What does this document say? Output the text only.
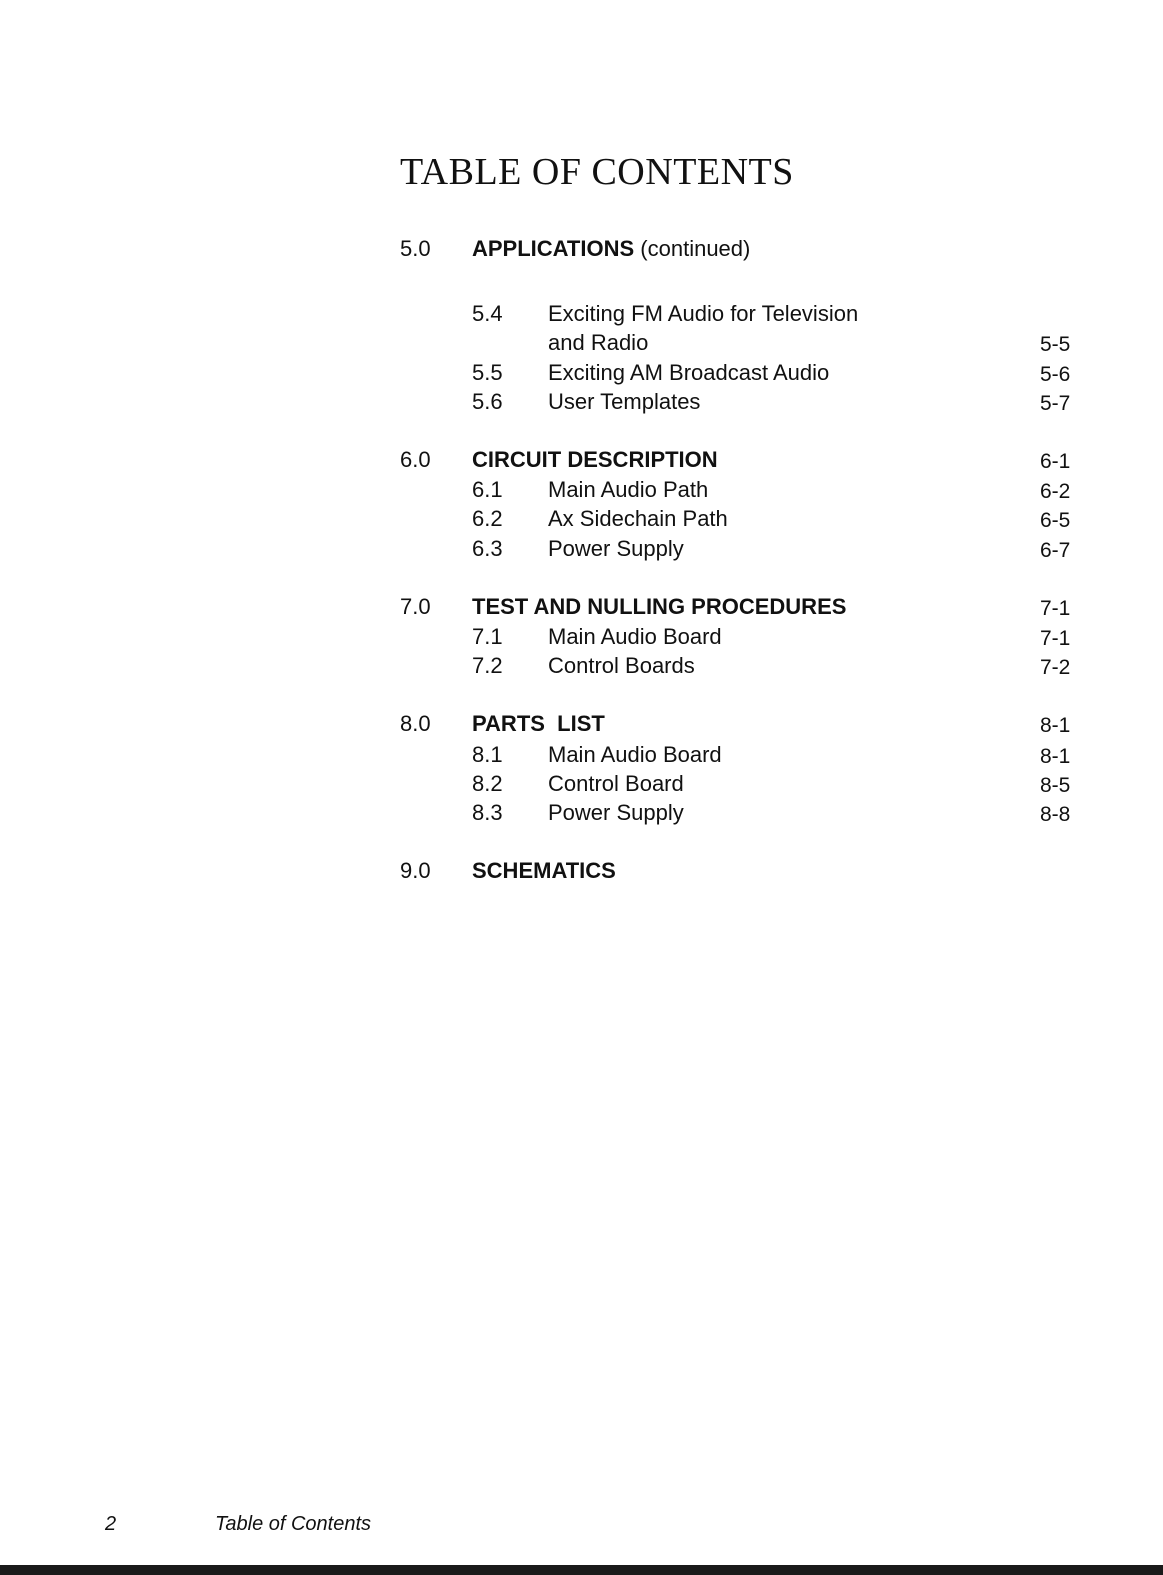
TABLE OF CONTENTS
5.0 APPLICATIONS (continued)
5.4 Exciting FM Audio for Television
and Radio	5-5
5.5 Exciting AM Broadcast Audio	5-6
5.6 User Templates	5-7
6.0 CIRCUIT DESCRIPTION	6-1
6.1 Main Audio Path	6-2
6.2 Ax Sidechain Path	6-5
6.3 Power Supply	6-7
7.0 TEST AND NULLING PROCEDURES	7-1
7.1 Main Audio Board	7-1
7.2 Control Boards	7-2
8.0 PARTS  LIST	8-1
8.1 Main Audio Board	8-1
8.2 Control Board	8-5
8.3 Power Supply	8-8
9.0 SCHEMATICS
2	Table of Contents
